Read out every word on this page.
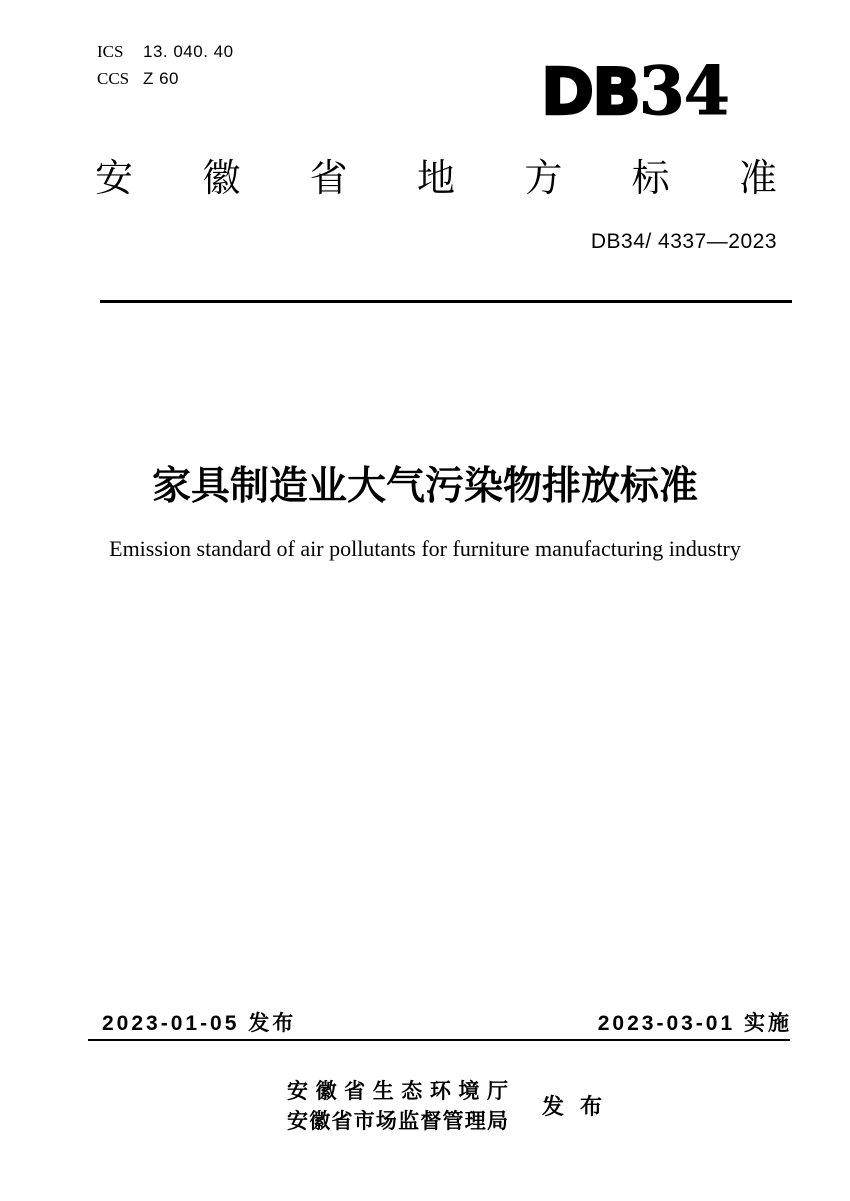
ICS	13. 040. 40
CCS Z 60	DB34
安 徽 省 地 方 标 准
DB34/ 4337—2023
家具制造业大气污染物排放标准
Emission standard of air pollutants for furniture manufacturing industry
2023-01-05 发布	2023-03-01 实施
安 徽 省 生 态 环 境 厅
安 徽 省 市 场 监 督 管 理 局
发 布
